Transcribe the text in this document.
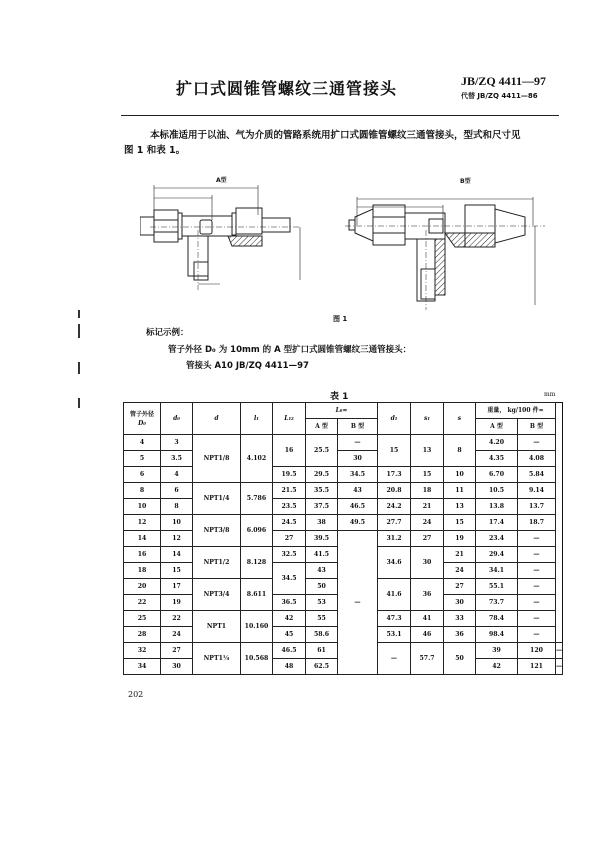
扩口式圆锥管螺纹三通管接头	JB/ZQ 4411—97
代替 JB/ZQ 4411—86
本标准适用于以油、气为介质的管路系统用扩口式圆锥管螺纹三通管接头，型式和尺寸见
图 1 和表 1。
A型	B型
图 1
标记示例：
管子外径 D₀ 为 10mm 的 A 型扩口式圆锥管螺纹三通管接头：
管接头 A10 JB/ZQ 4411—97
表 1	mm
管子外径
D₀	d₀	d	l₁	L₁₂	L₀≈		d₁	s₁	s	重量， kg/100 件≈		
					A 型	B 型				A 型	B 型	
4	3	NPT1/8	4.102	16	25.5	—	15	13	8	4.20	—	
5	3.5					30				4.35	4.08	
6	4			19.5	29.5	34.5	17.3	15	10	6.70	5.84	
8	6	NPT1/4	5.786	21.5	35.5	43	20.8	18	11	10.5	9.14	
10	8			23.5	37.5	46.5	24.2	21	13	13.8	13.7	
12	10	NPT3/8	6.096	24.5	38	49.5	27.7	24	15	17.4	18.7	
14	12			27	39.5	—	31.2	27	19	23.4	—	
16	14	NPT1/2	8.128	32.5	41.5		34.6	30	21	29.4	—	
18	15			34.5	43				24	34.1	—	
20	17	NPT3/4	8.611		50		41.6	36	27	55.1	—	
22	19			36.5	53				30	73.7	—	
25	22	NPT1	10.160	42	55		47.3	41	33	78.4	—	
28	24			45	58.6		53.1	46	36	98.4	—	
32	27	NPT1¼	10.568	46.5	61		—	57.7	50	39	120	—
34	30			48	62.5					42	121	—
202
